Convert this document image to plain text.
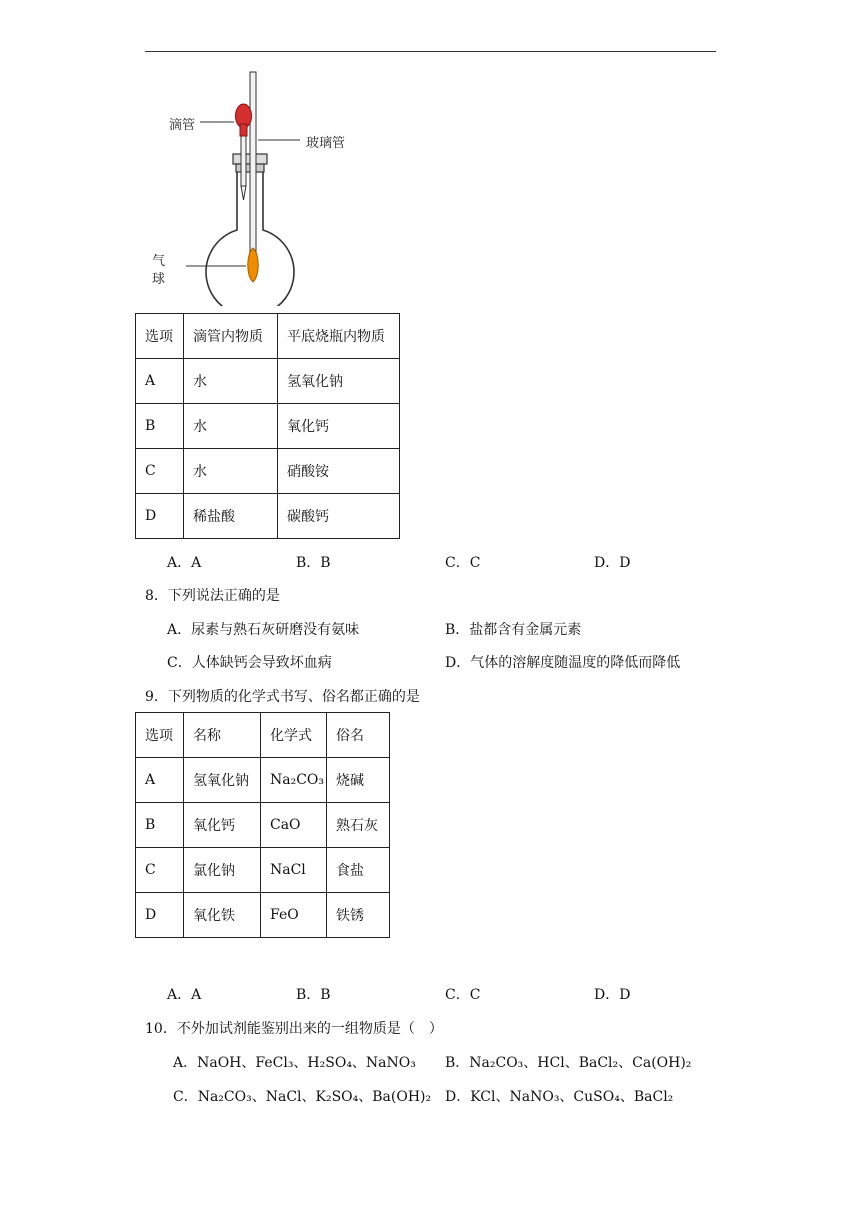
滴管
玻璃管
气
球
选项	滴管内物质	平底烧瓶内物质
A	水	氢氧化钠
B	水	氧化钙
C	水	硝酸铵
D	稀盐酸	碳酸钙
A．A	B．B	C．C	D．D
8．下列说法正确的是
A．尿素与熟石灰研磨没有氨味	B．盐都含有金属元素
C．人体缺钙会导致坏血病	D．气体的溶解度随温度的降低而降低
9．下列物质的化学式书写、俗名都正确的是
选项	名称	化学式	俗名
A	氢氧化钠	Na₂CO₃	烧碱
B	氧化钙	CaO	熟石灰
C	氯化钠	NaCl	食盐
D	氧化铁	FeO	铁锈
A．A	B．B	C．C	D．D
10．不外加试剂能鉴别出来的一组物质是（　）
A．NaOH、FeCl₃、H₂SO₄、NaNO₃ B．Na₂CO₃、HCl、BaCl₂、Ca(OH)₂
C．Na₂CO₃、NaCl、K₂SO₄、Ba(OH)₂ D．KCl、NaNO₃、CuSO₄、BaCl₂
